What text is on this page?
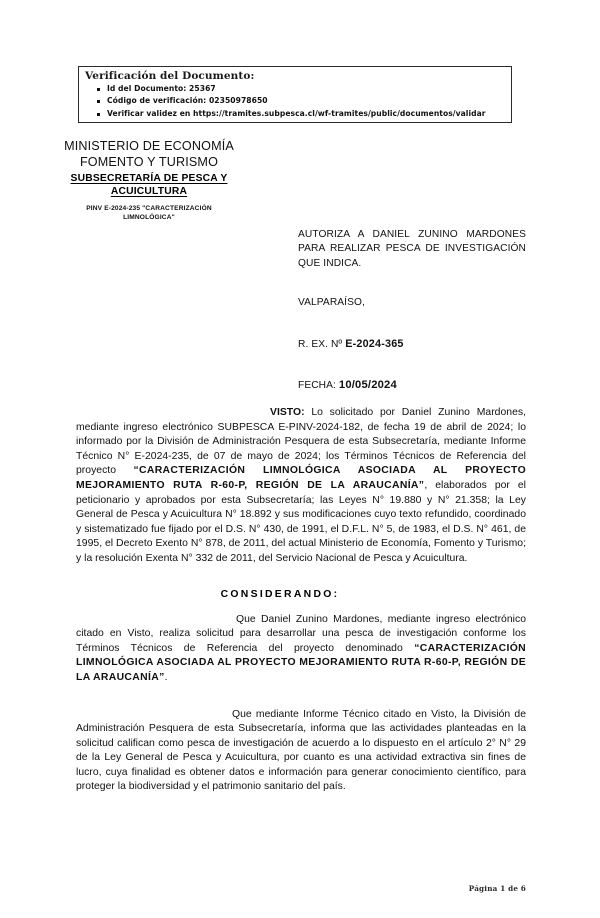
Verificación del Documento:
Id del Documento: 25367
Código de verificación: 02350978650
Verificar validez en https://tramites.subpesca.cl/wf-tramites/public/documentos/validar
MINISTERIO DE ECONOMÍA
FOMENTO Y TURISMO
SUBSECRETARÍA DE PESCA Y
ACUICULTURA
PINV E-2024-235 "CARACTERIZACIÓN
LIMNOLÓGICA"
AUTORIZA A DANIEL ZUNINO MARDONES PARA REALIZAR PESCA DE INVESTIGACIÓN QUE INDICA.
VALPARAÍSO,
R. EX. Nº E-2024-365
FECHA: 10/05/2024

VISTO: Lo solicitado por Daniel Zunino Mardones, mediante ingreso electrónico SUBPESCA E-PINV-2024-182, de fecha 19 de abril de 2024; lo informado por la División de Administración Pesquera de esta Subsecretaría, mediante Informe Técnico N° E-2024-235, de 07 de mayo de 2024; los Términos Técnicos de Referencia del proyecto “CARACTERIZACIÓN LIMNOLÓGICA ASOCIADA AL PROYECTO MEJORAMIENTO RUTA R-60-P, REGIÓN DE LA ARAUCANÍA”, elaborados por el peticionario y aprobados por esta Subsecretaría; las Leyes N° 19.880 y N° 21.358; la Ley General de Pesca y Acuicultura N° 18.892 y sus modificaciones cuyo texto refundido, coordinado y sistematizado fue fijado por el D.S. N° 430, de 1991, el D.F.L. N° 5, de 1983, el D.S. N° 461, de 1995, el Decreto Exento N° 878, de 2011, del actual Ministerio de Economía, Fomento y Turismo; y la resolución Exenta N° 332 de 2011, del Servicio Nacional de Pesca y Acuicultura.

CONSIDERANDO:

Que Daniel Zunino Mardones, mediante ingreso electrónico citado en Visto, realiza solicitud para desarrollar una pesca de investigación conforme los Términos Técnicos de Referencia del proyecto denominado “CARACTERIZACIÓN LIMNOLÓGICA ASOCIADA AL PROYECTO MEJORAMIENTO RUTA R-60-P, REGIÓN DE LA ARAUCANÍA”.

Que mediante Informe Técnico citado en Visto, la División de Administración Pesquera de esta Subsecretaría, informa que las actividades planteadas en la solicitud califican como pesca de investigación de acuerdo a lo dispuesto en el artículo 2° N° 29 de la Ley General de Pesca y Acuicultura, por cuanto es una actividad extractiva sin fines de lucro, cuya finalidad es obtener datos e información para generar conocimiento científico, para proteger la biodiversidad y el patrimonio sanitario del país.

Página 1 de 6
